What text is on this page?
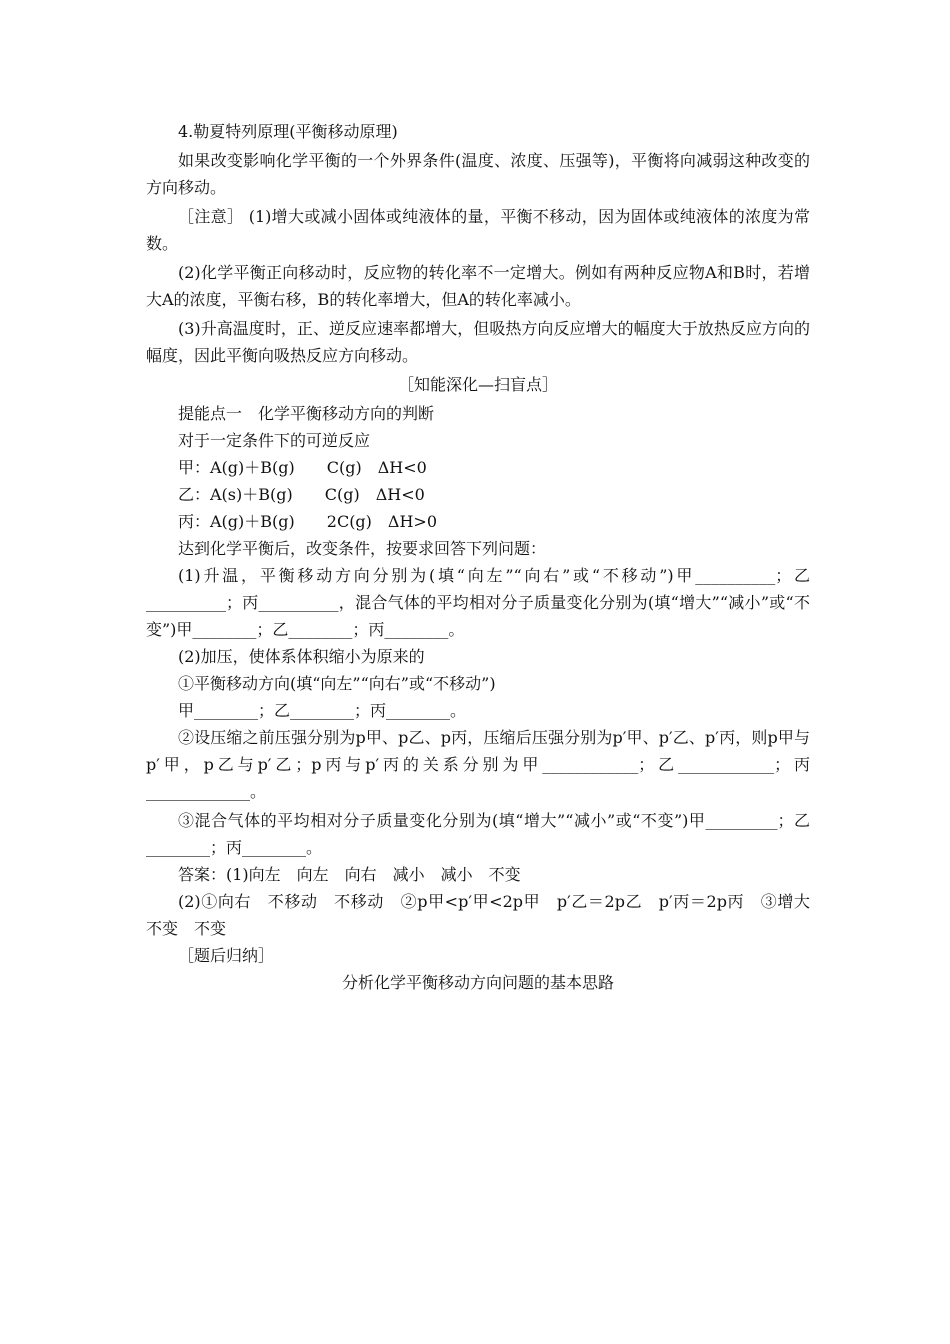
4.勒夏特列原理(平衡移动原理)

如果改变影响化学平衡的一个外界条件(温度、浓度、压强等)，平衡将向减弱这种改变的方向移动。

［注意］ (1)增大或减小固体或纯液体的量，平衡不移动，因为固体或纯液体的浓度为常数。

(2)化学平衡正向移动时，反应物的转化率不一定增大。例如有两种反应物A和B时，若增大A的浓度，平衡右移，B的转化率增大，但A的转化率减小。

(3)升高温度时，正、逆反应速率都增大，但吸热方向反应增大的幅度大于放热反应方向的幅度，因此平衡向吸热反应方向移动。

［知能深化—扫盲点］

提能点一　化学平衡移动方向的判断

对于一定条件下的可逆反应

甲：A(g)＋B(g)　　C(g)　ΔH<0

乙：A(s)＋B(g)　　C(g)　ΔH<0

丙：A(g)＋B(g)　　2C(g)　ΔH>0

达到化学平衡后，改变条件，按要求回答下列问题：

(1)升温，平衡移动方向分别为(填“向左”“向右”或“不移动”)甲__________；乙__________；丙__________，混合气体的平均相对分子质量变化分别为(填“增大”“减小”或“不变”)甲________；乙________；丙________。

(2)加压，使体系体积缩小为原来的

①平衡移动方向(填“向左”“向右”或“不移动”)

甲________；乙________；丙________。

②设压缩之前压强分别为p甲、p乙、p丙，压缩后压强分别为p′甲、p′乙、p′丙，则p甲与p′甲，p乙与p′乙；p丙与p′丙的关系分别为甲____________；乙____________；丙_____________。

③混合气体的平均相对分子质量变化分别为(填“增大”“减小”或“不变”)甲_________；乙________；丙________。

答案：(1)向左　向左　向右　减小　减小　不变

(2)①向右　不移动　不移动　②p甲<p′甲<2p甲　p′乙＝2p乙　p′丙＝2p丙　③增大　不变　不变

［题后归纳］

分析化学平衡移动方向问题的基本思路
